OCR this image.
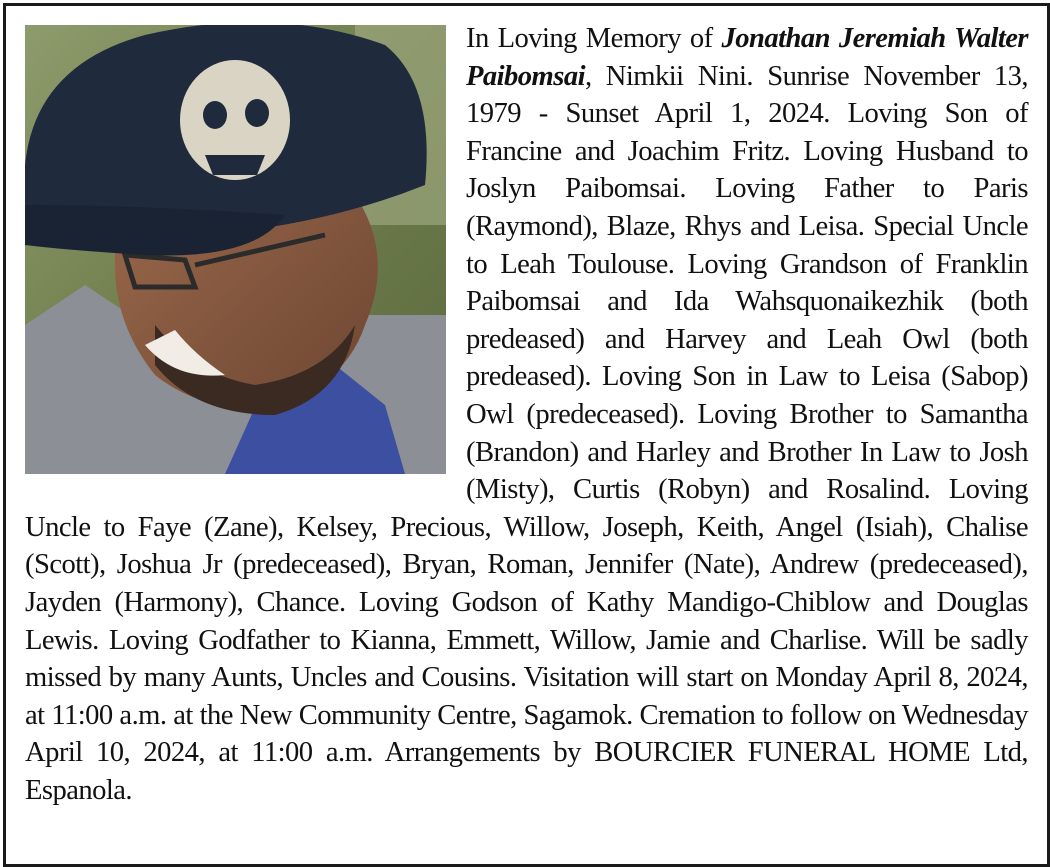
In Loving Memory of Jonathan Jeremiah Walter Paibomsai, Nimkii Nini. Sunrise November 13, 1979 - Sunset April 1, 2024. Loving Son of Francine and Joachim Fritz. Loving Husband to Joslyn Paibomsai. Loving Father to Paris (Raymond), Blaze, Rhys and Leisa. Special Uncle to Leah Toulouse. Loving Grandson of Franklin Paibomsai and Ida Wahsquonaikezhik (both predeased) and Harvey and Leah Owl (both predeased). Loving Son in Law to Leisa (Sabop) Owl (predeceased). Loving Brother to Samantha (Brandon) and Harley and Brother In Law to Josh (Misty), Curtis (Robyn) and Rosalind. Loving Uncle to Faye (Zane), Kelsey, Precious, Willow, Joseph, Keith, Angel (Isiah), Chalise (Scott), Joshua Jr (predeceased), Bryan, Roman, Jennifer (Nate), Andrew (predeceased), Jayden (Harmony), Chance. Loving Godson of Kathy Mandigo-Chiblow and Douglas Lewis. Loving Godfather to Kianna, Emmett, Willow, Jamie and Charlise. Will be sadly missed by many Aunts, Uncles and Cousins. Visitation will start on Monday April 8, 2024, at 11:00 a.m. at the New Community Centre, Sagamok. Cremation to follow on Wednesday April 10, 2024, at 11:00 a.m. Arrangements by BOURCIER FUNERAL HOME Ltd, Espanola.
